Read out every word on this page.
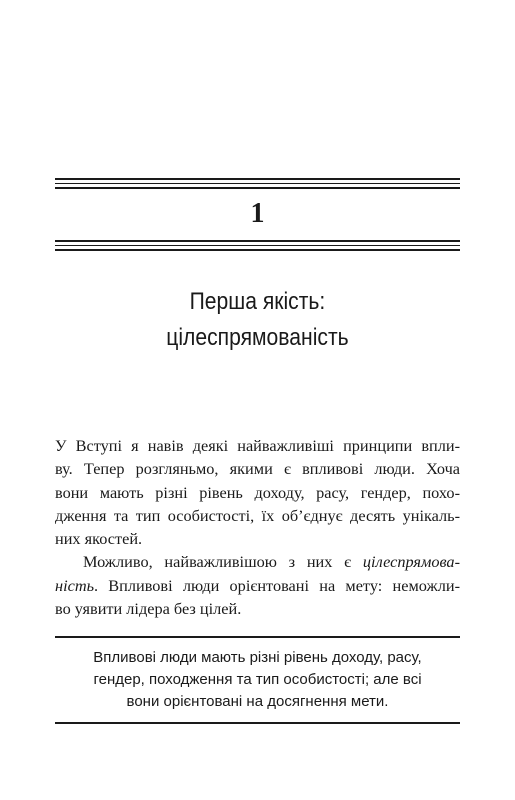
1
Перша якість:
цілеспрямованість
У Вступі я навів деякі найважливіші принципи впли-
ву. Тепер розгляньмо, якими є впливові люди. Хоча
вони мають різні рівень доходу, расу, гендер, похо-
дження та тип особистості, їх об’єднує десять унікаль-
них якостей.
Можливо, найважливішою з них є цілеспрямова-
ність. Впливові люди орієнтовані на мету: неможли-
во уявити лідера без цілей.
Впливові люди мають різні рівень доходу, расу,
гендер, походження та тип особистості; але всі
вони орієнтовані на досягнення мети.
